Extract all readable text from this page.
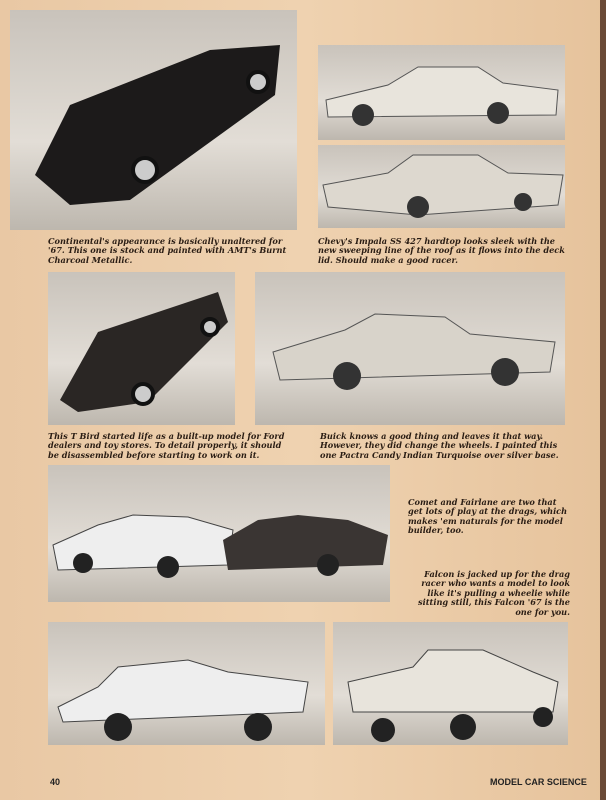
Continental's appearance is basically unaltered for '67. This one is stock and painted with AMT's Burnt Charcoal Metallic.
Chevy's Impala SS 427 hardtop looks sleek with the new sweeping line of the roof as it flows into the deck lid. Should make a good racer.
This T Bird started life as a built-up model for Ford dealers and toy stores. To detail properly, it should be disassembled before starting to work on it.
Buick knows a good thing and leaves it that way. However, they did change the wheels. I painted this one Pactra Candy Indian Turquoise over silver base.
Comet and Fairlane are two that get lots of play at the drags, which makes 'em naturals for the model builder, too.
Falcon is jacked up for the drag racer who wants a model to look like it's pulling a wheelie while sitting still, this Falcon '67 is the one for you.
40	MODEL CAR SCIENCE
